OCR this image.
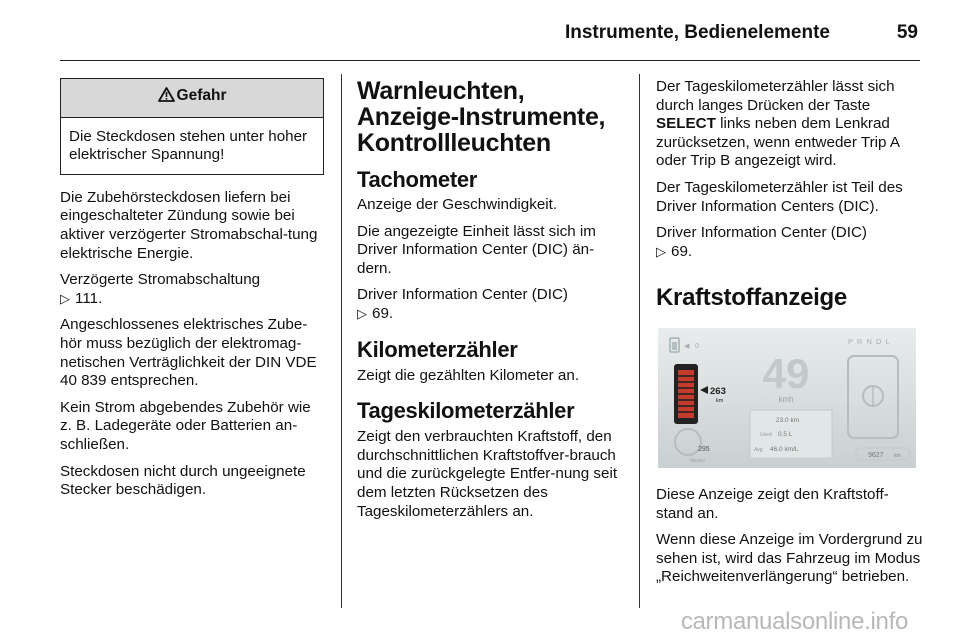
Instrumente, Bedienelemente	59
Gefahr
Die Steckdosen stehen unter hoher elektrischer Spannung!

Die Zubehörsteckdosen liefern bei eingeschalteter Zündung sowie bei aktiver verzögerter Stromabschal-tung elektrische Energie.

Verzögerte Stromabschaltung
▷ 111.

Angeschlossenes elektrisches Zube-hör muss bezüglich der elektromag-netischen Verträglichkeit der DIN VDE 40 839 entsprechen.

Kein Strom abgebendes Zubehör wie z. B. Ladegeräte oder Batterien an-schließen.

Steckdosen nicht durch ungeeignete Stecker beschädigen.

Warnleuchten, Anzeige-Instrumente, Kontrollleuchten
Tachometer

Anzeige der Geschwindigkeit.

Die angezeigte Einheit lässt sich im Driver Information Center (DIC) än-dern.

Driver Information Center (DIC)
▷ 69.

Kilometerzähler

Zeigt die gezählten Kilometer an.

Tageskilometerzähler

Zeigt den verbrauchten Kraftstoff, den durchschnittlichen Kraftstoffver-brauch und die zurückgelegte Entfer-nung seit dem letzten Rücksetzen des Tageskilometerzählers an.

Der Tageskilometerzähler lässt sich durch langes Drücken der Taste SELECT links neben dem Lenkrad zurücksetzen, wenn entweder Trip A oder Trip B angezeigt wird.

Der Tageskilometerzähler ist Teil des Driver Information Centers (DIC).

Driver Information Center (DIC)
▷ 69.

Kraftstoffanzeige
◀ 0
P R N D L
49
kmh
263
km
295
READY
23.0 km
Used 0.5 L
Avg 46.0 km/L
9627 km

Diese Anzeige zeigt den Kraftstoff-stand an.

Wenn diese Anzeige im Vordergrund zu sehen ist, wird das Fahrzeug im Modus „Reichweitenverlängerung“ betrieben.

carmanualsonline.info
